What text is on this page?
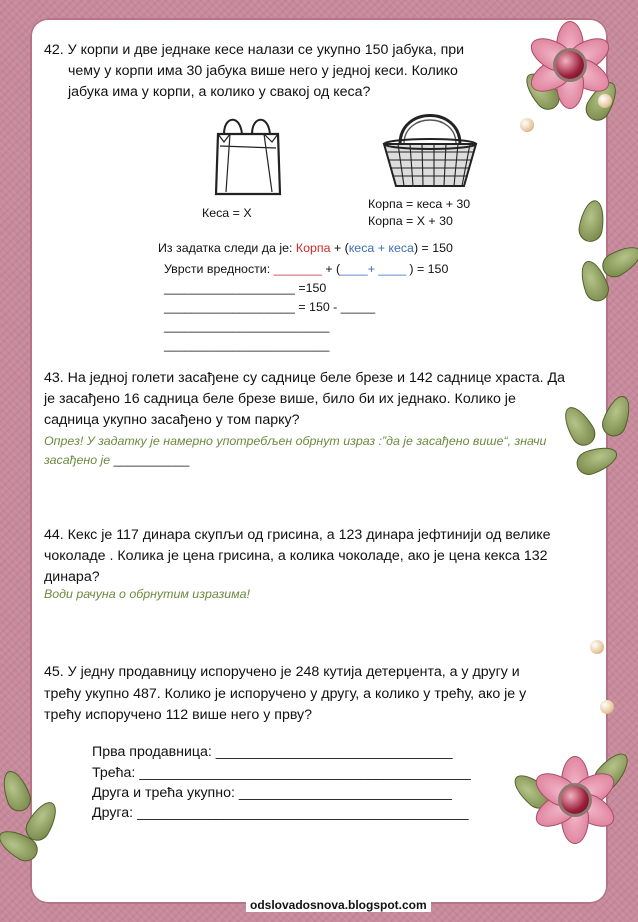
42. У корпи и две једнаке кесе налази се укупно 150 јабука, при
чему у корпи има 30 јабука више него у једној кеси. Колико
јабука има у корпи, а колико у свакој од кеса?
Кеса = X
Корпа = кеса + 30
Корпа = X + 30
Из задатка следи да је: Корпа + (кеса + кеса) = 150
Уврсти вредности: _______ + (____+ ____ ) = 150
___________________ =150
___________________ = 150 - _____
________________________
________________________
43. На једној голети засађене су саднице беле брезе и 142 саднице храста. Да
је засађено 16 садница беле брезе више, било би их једнако. Колико је
садница укупно засађено у том парку?
Опрез! У задатку је намерно употребљен обрнут израз :”да је засађено више“, значи
засађено је ___________
44. Кекс је 117 динара скупљи од грисина, а 123 динара јефтинији од велике
чоколаде . Колика је цена грисина, а колика чоколаде, ако је цена кекса 132
динара?
Води рачуна о обрнутим изразима!
45. У једну продавницу испоручено је 248 кутија детерџента, а у другу и
трећу укупно 487. Колико је испоручено у другу, а колико у трећу, ако је у
трећу испоручено 112 више него у прву?
Прва продавница: ______________________________
Трећа: __________________________________________
Друга и трећа укупно: ___________________________
Друга: __________________________________________
odslovadosnova.blogspot.com
